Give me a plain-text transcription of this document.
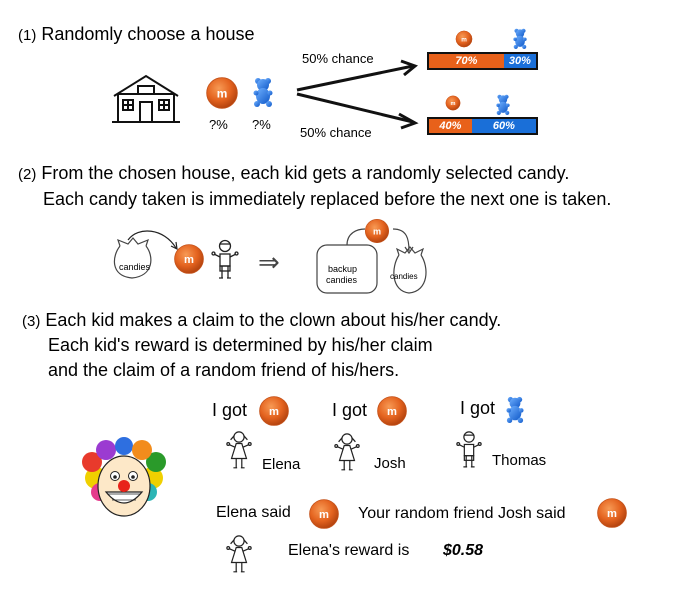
(1) Randomly choose a house
?% ?%
50% chance
50% chance
70%	30%
40%	60%
(2) From the chosen house, each kid gets a randomly selected candy.
Each candy taken is immediately replaced before the next one is taken.
candies	⇒	backup
candies	candies
(3) Each kid makes a claim to the clown about his/her candy.
Each kid's reward is determined by his/her claim
and the claim of a random friend of his/hers.
I got	I got	I got
Elena	Josh	Thomas
Elena said	Your random friend Josh said
Elena's reward is $0.58
